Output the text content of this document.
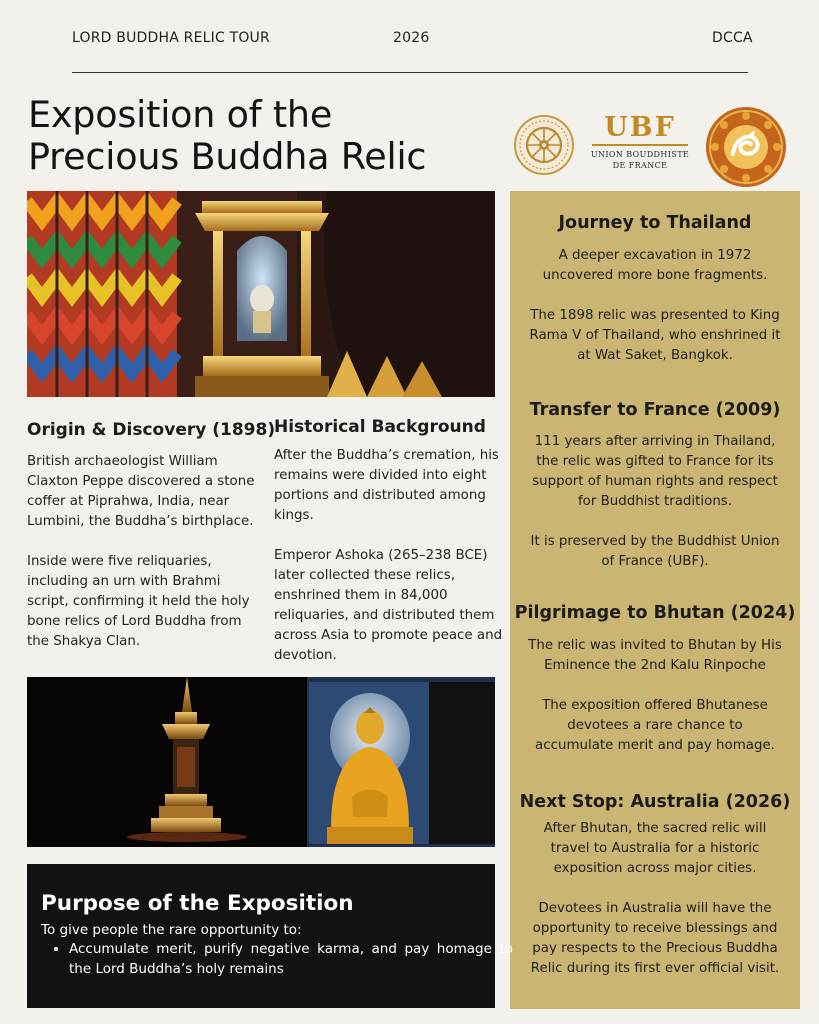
LORD BUDDHA RELIC TOUR	2026	DCCA
Exposition of the
Precious Buddha Relic
UBF
UNION BOUDDHISTE
DE FRANCE
Origin & Discovery (1898)

British archaeologist William Claxton Peppe discovered a stone coffer at Piprahwa, India, near Lumbini, the Buddha’s birthplace.

Inside were five reliquaries, including an urn with Brahmi script, confirming it held the holy bone relics of Lord Buddha from the Shakya Clan.

Historical Background

After the Buddha’s cremation, his remains were divided into eight portions and distributed among kings.

Emperor Ashoka (265–238 BCE) later collected these relics, enshrined them in 84,000 reliquaries, and distributed them across Asia to promote peace and devotion.

Journey to Thailand

A deeper excavation in 1972 uncovered more bone fragments.

The 1898 relic was presented to King Rama V of Thailand, who enshrined it at Wat Saket, Bangkok.

Transfer to France (2009)

111 years after arriving in Thailand, the relic was gifted to France for its support of human rights and respect for Buddhist traditions.

It is preserved by the Buddhist Union of France (UBF).

Pilgrimage to Bhutan (2024)

The relic was invited to Bhutan by His Eminence the 2nd Kalu Rinpoche

The exposition offered Bhutanese devotees a rare chance to accumulate merit and pay homage.

Next Stop: Australia (2026)

After Bhutan, the sacred relic will travel to Australia for a historic exposition across major cities.

Devotees in Australia will have the opportunity to receive blessings and pay respects to the Precious Buddha Relic during its first ever official visit.

Purpose of the Exposition

To give people the rare opportunity to:

• Accumulate merit, purify negative karma, and pay homage to the Lord Buddha’s holy remains
